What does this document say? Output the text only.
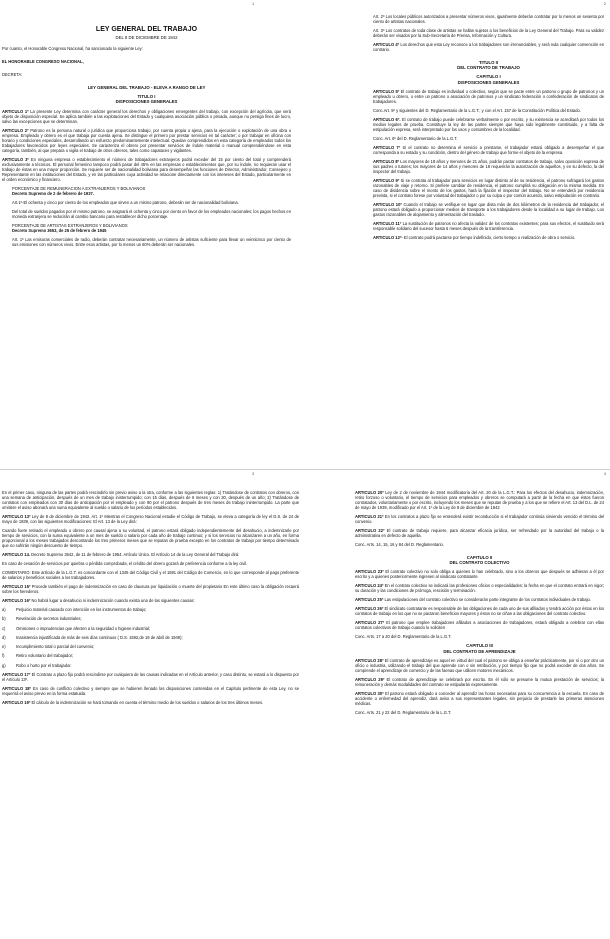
1
LEY GENERAL DEL TRABAJO
DEL 8 DE DICIEMBRE DE 1942

Por cuanto, el Honorable Congreso Nacional, ha sancionado la siguiente Ley:

EL HONORABLE CONGRESO NACIONAL,

DECRETA:

LEY GENERAL DEL TRABAJO - ELEVA A RANGO DE LEY

TITULO I

DISPOSICIONES GENERALES

ARTICULO 1º La presente Ley determina con carácter general los derechos y obligaciones emergentes del trabajo, con excepción del agrícola, que será objeto de disposición especial. Se aplica también a las explotaciones del Estado y cualquiera asociación pública o privada, aunque no persiga fines de lucro, salvo las excepciones que se determinan.

ARTICULO 2º Patrono es la persona natural o jurídica que proporciona trabajo, por cuenta propia o ajena, para la ejecución o explotación de una obra o empresa. Empleado y obrero es el que trabaja por cuenta ajena. Se distingue el primero por prestar servicios en tal carácter; o por trabajar en oficina con horario y condiciones especiales, desarrollando un esfuerzo predominantemente intelectual. Quedan comprendidos en esta categoría de empleados todos los trabajadores favorecidos por leyes especiales. Se caracteriza el obrero por presentar servicios de índole material o manual comprendiéndose en esta categoría, también, al que prepara o vigila el trabajo de otros obreros, tales como capataces y vigilantes.

ARTICULO 3º En ninguna empresa o establecimiento el número de trabajadores extranjeros podrá exceder del 15 por ciento del total y comprenderá exclusivamente a técnicos. El personal femenino tampoco podrá pasar del 45% en las empresas o establecimientos que, por su índole, no requieran usar el trabajo de éstas en una mayor proporción. Se requiere ser de nacionalidad boliviana para desempeñar las funciones de Director, Administrador, Consejero y Representante en las instituciones del Estado, y en las particulares cuya actividad se relacione directamente con los intereses del Estado, particularmente en el orden económico y financiero.

PORCENTAJE DE REMUNERACION A EXTRANJEROS Y BOLIVIANOS

Decreto Supremo de 2 de febrero de 1937.

Art.1º-El ochenta y cinco por ciento de los empleados que sirven a un mismo patrono, deberán ser de nacionalidad boliviana.

Del total de sueldos pagados por el mismo patrono, se asignará el ochenta y cinco por ciento en favor de los empleados nacionales; los pagos hechos en moneda extranjera se reducirán al cambio bancario para restablecer dicho porcentaje.

PORCENTAJE DE ARTISTAS EXTRANJEROS Y BOLIVIANOS

Decreto Supremo 3653, de 25 de febrero de 1945

Art. 1º Las emisoras comerciales de radio, deberán contratar necesariamente, un número de artistas suficiente para llevar un veinticinco por ciento de sus emisiones con números vivos. Entre esos artistas, por lo menos un 60% deberán ser nacionales.

2

Art. 2º Los locales públicos autorizados a presentar números vivos, igualmente deberán contratar por lo menos un sesenta por ciento de artistas nacionales.

Art. 3º Los contratos de toda clase de artistas se hallan sujetos a los beneficios de la Ley General del Trabajo. Para su validez deberán ser visados por la Sub-Secretaría de Prensa, Información y Cultura.

ARTICULO 4º Los derechos que esta Ley reconoce a los trabajadores son irrenunciables, y será nula cualquier convención en contrario.

TITULO II

DEL CONTRATO DE TRABAJO

CAPITULO I

DISPOSICIONES GENERALES

ARTICULO 5º El contrato de trabajo es individual o colectivo, según que se pacte entre un patrono o grupo de patronos y un empleado u obrero, o entre un patrono o asociación de patronos y un sindicato federación o confederación de sindicatos de trabajadores.

Conc.Art. 5º y siguientes del D. Reglamentario de la L.G.T.; y con el Art. 157 de la Constitución Política del Estado.

ARTICULO 6º. El contrato de trabajo puede celebrarse verbalmente o por escrito, y su existencia se acreditará por todos los medios legales de prueba. Constituye la ley de las partes siempre que haya sido legalmente constituido, y a falta de estipulación expresa, será interpretado por los usos y costumbres de la localidad.

Conc. Art. 6º del D. Reglamentario de la L.G.T.

ARTICULO 7º Si el contrato no determina el servicio a prestarse, el trabajador estará obligado a desempeñar el que corresponda a su estado y su condición, dentro del género de trabajo que forme el objeto de la empresa.

ARTICULO 8º Los mayores de 18 años y menores de 21 años, podrán pactar contratos de trabajo, salvo oposición expresa de sus padres o tutores; los mayores de 14 años y menores de 18 requerirán la autorización de aquellos, y en su defecto, la del inspector del trabajo.

ARTICULO 9º Si se contrata al trabajador para servicios en lugar distinto al de su residencia, el patrono sufragará los gastos razonables de viaje y retorno. Si prefiere cambiar de residencia, el patrono cumplirá su obligación en la misma medida. En caso de disidencia sobre el monto de los gastos, hará la fijación el inspector del trabajo. No se entenderá por residencia prevista, si el contrato forese por voluntad del trabajador o por su culpa o por común acuerdo, salvo estipulación en contrario.

ARTICULO 10º Cuando el trabajo se verifique en lugar que dista más de dos kilómetros de la residencia del trabajador, el patrono estará obligado a proporcionar medios de transporte a los trabajadores desde la localidad a su lugar de trabajo. Los gastos razonables de alojamiento y alimentación del traslado.

ARTICULO 11º La sustitución de patronos no afecta la validez de los contratos existentes; para sus efectos, el sustituido será responsable solidario del sucesor hasta 6 meses después de la transferencia.

ARTICULO 12º- El contrato podrá pactarse por tiempo indefinido, cierto tiempo o realización de obra o servicio.

3

En el primer caso, ninguna de las partes podrá rescindirlo sin previo aviso a la otra, conforme a las siguientes reglas: 1) Tratándose de contratos con obreros, con una semana de anticipación, después de un mes de trabajo ininterrumpido; con 15 días, después de 6 meses y con 30, después de un año; 2) Tratándose de contratos con empleados con 30 días de anticipación por el empleado y con 90 por el patrono después de tres meses de trabajo ininterrumpido. La parte que omitiere el aviso abonará una suma equivalente al sueldo o salario de los períodos establecidos.

ARTICULO 13º Ley de 8 de diciembre de 1942. Art. 1º Mientras el Congreso Nacional estudie el Código de Trabajo, se eleva a categoría de ley el D.S. de 24 de mayo de 1939, con las siguientes modificaciones: El Art. 13 de la Ley dirá:

Cuando fuere retirado el empleado u obrero por causal ajena a su voluntad, el patrono estará obligado independientemente del desahucio, a indemnizarle por tiempo de servicios, con la suma equivalente a un mes de sueldo o salario por cada año de trabajo continuo; y si los servicios no alcanzaren a un año, en forma proporcional a los meses trabajados descontando los tres primeros meses que se reputan de prueba excepto en los contratos de trabajo por tiempo determinado que no sufrirán ningún descuento de tiempo.

ARTICULO 14. Decreto Supremo 3642, de 11 de febrero de 1954. Artículo Único. El Artículo 14 de la Ley General del Trabajo dirá:

En caso de cesación de servicios por quiebra o pérdida comprobada, el crédito del obrero gozará de preferencia conforme a la ley civil.

COMENTARIO: Este artículo de la L.G.T. es concordante con el 1345 del Código Civil y el 1591 del Código de Comercio, en lo que corresponde al pago preferente de salarios y beneficios sociales a los trabajadores.

ARTICULO 15º Procede también el pago de indemnización en caso de clausura por liquidación o muerte del propietario En este último caso la obligación recaerá sobre los herederos.

ARTICULO 16º No habrá lugar a desahucio ni indemnización cuando exista una de las siguientes causas:

a)	Perjuicio material causado con intención en los instrumentos de trabajo;
b)	Revelación de secretos industriales;
c)	Omisiones o imprudencias que afecten a la seguridad o higiene industrial;
d)	Inasistencia injustificada de más de seis días continuos ( D.S. 1592,de 19 de abril de 1949);
e)	Incumplimiento total o parcial del convenio;
f)	Retiro voluntario del trabajador;
g)	Robo o hurto por el trabajador.

ARTICULO 17º El Contrato a plazo fijo podrá rescindirse por cualquiera de las causas indicadas en el Artículo anterior, y caso distinto, se estará a lo dispuesto por el Artículo 13º.

ARTICULO 18º En caso de conflicto colectivo y siempre que se hubieren llenado las disposiciones contenidas en el Capítulo pertinente de esta Ley, no se requerirá el aviso previo en la forma estatuida.

ARTICULO 19º El cálculo de la indemnización se hará tomando en cuenta el término medio de los sueldos o salarios de los tres últimos meses.

4

ARTICULO 20º Ley de 2 de noviembre de 1944 modificatoria del Art. 20 de la L.G.T.: Para los efectos del desahucio, indemnización, retiro forzoso o voluntario, el tiempo de servicios para empleados y obreros se computará a partir de la fecha en que éstos fueron contratados, voluntariamente o por escrito, incluyendo los meses que se reputan de prueba y a los que se refiere el Art. 13 del D.L. de 24 de mayo de 1939, modificado por el Art. 1º de la Ley de 8 de diciembre de 1942

ARTICULO 21º En los contratos a plazo fijo se entenderá existir reconducción si el trabajador continúa sirviendo vencido el término del convenio.

ARTICULO 22º El contrato de trabajo requiere, para alcanzar eficacia jurídica, ser refrendado por la autoridad del trabajo o la administrativa en defecto de aquella.

Conc. Arts. 14, 15, 16 y 84 del D. Reglamentario.

CAPITULO II

DEL CONTRATO COLECTIVO

ARTICULO 23º El contrato colectivo no solo obliga a quienes lo han celebrado, sino a los obreros que después se adhieran a él por escrito y a quienes posteriormente ingresen al sindicato contratante

ARTICULO 24º En el contrato colectivo se indicará las profesiones oficios o especialidades; la fecha en que el contrato entrará en vigor; su duración y las condiciones de prórroga, rescisión y terminación.

ARTICULO 25º Las estipulaciones del contrato colectivo se considerarán parte integrante de los contratos individuales de trabajo.

ARTICULO 26º El sindicato contratante es responsable de las obligaciones de cada uno de sus afiliados y tendrá acción por éstos en los contratos de trabajo en los que no se pactaron beneficios mayores y éstos no se ciñan a las obligaciones del contrato colectivo.

ARTICULO 27º El patrono que emplee trabajadores afiliados a asociaciones de trabajadores, estará obligado a celebrar con ellas contratos colectivos de trabajo cuando lo soliciten

Conc. Arts. 17 a 20 del D. Reglamentario de la L.G.T.

CAPITULO III

DEL CONTRATO DE APRENDIZAJE

ARTICULO 28º El contrato de aprendizaje es aquel en virtud del cual el patrono se obliga a enseñar prácticamente, por sí o por otro un oficio o industria, utilizando el trabajo del que aprende con o sin retribución, y por tiempo fijo que no podrá exceder de dos años. Se comprende el aprendizaje de comercio y de las faenas que utilicen motores mecánicos.

ARTICULO 29º El contrato de aprendizaje se celebrará por escrito. En él sólo se presume la mutua prestación de servicios; la remuneración y demás modalidades del contrato se estipularán expresamente.

ARTICULO 30º El patrono estará obligado a conceder al aprendiz las horas necesarias para su concurrencia a la escuela. En caso de accidente o enfermedad del aprendiz, dará aviso a sus representantes legales, sin perjuicio de prestarle las primeras atenciones médicas.

Conc. Arts. 21 y 22 del D. Reglamentario de la L.G.T.
